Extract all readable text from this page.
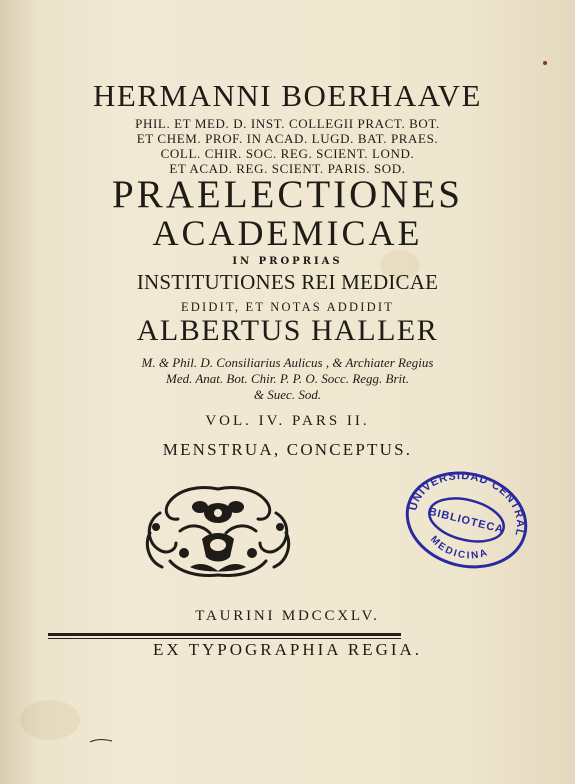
HERMANNI BOERHAAVE
PHIL. ET MED. D. INST. COLLEGII PRACT. BOT.
ET CHEM. PROF. IN ACAD. LUGD. BAT. PRAES.
COLL. CHIR. SOC. REG. SCIENT. LOND.
ET ACAD. REG. SCIENT. PARIS. SOD.
PRAELECTIONES
ACADEMICAE
IN PROPRIAS
INSTITUTIONES REI MEDICAE
EDIDIT, ET NOTAS ADDIDIT
ALBERTUS HALLER
M. & Phil. D. Consiliarius Aulicus , & Archiater Regius
Med. Anat. Bot. Chir. P. P. O. Socc. Regg. Brit.
& Suec. Sod.
VOL. IV. PARS II.
MENSTRUA, CONCEPTUS.
UNIVERSIDAD CENTRAL
BIBLIOTECA
MEDICINA
TAURINI MDCCXLV.
EX TYPOGRAPHIA REGIA.
